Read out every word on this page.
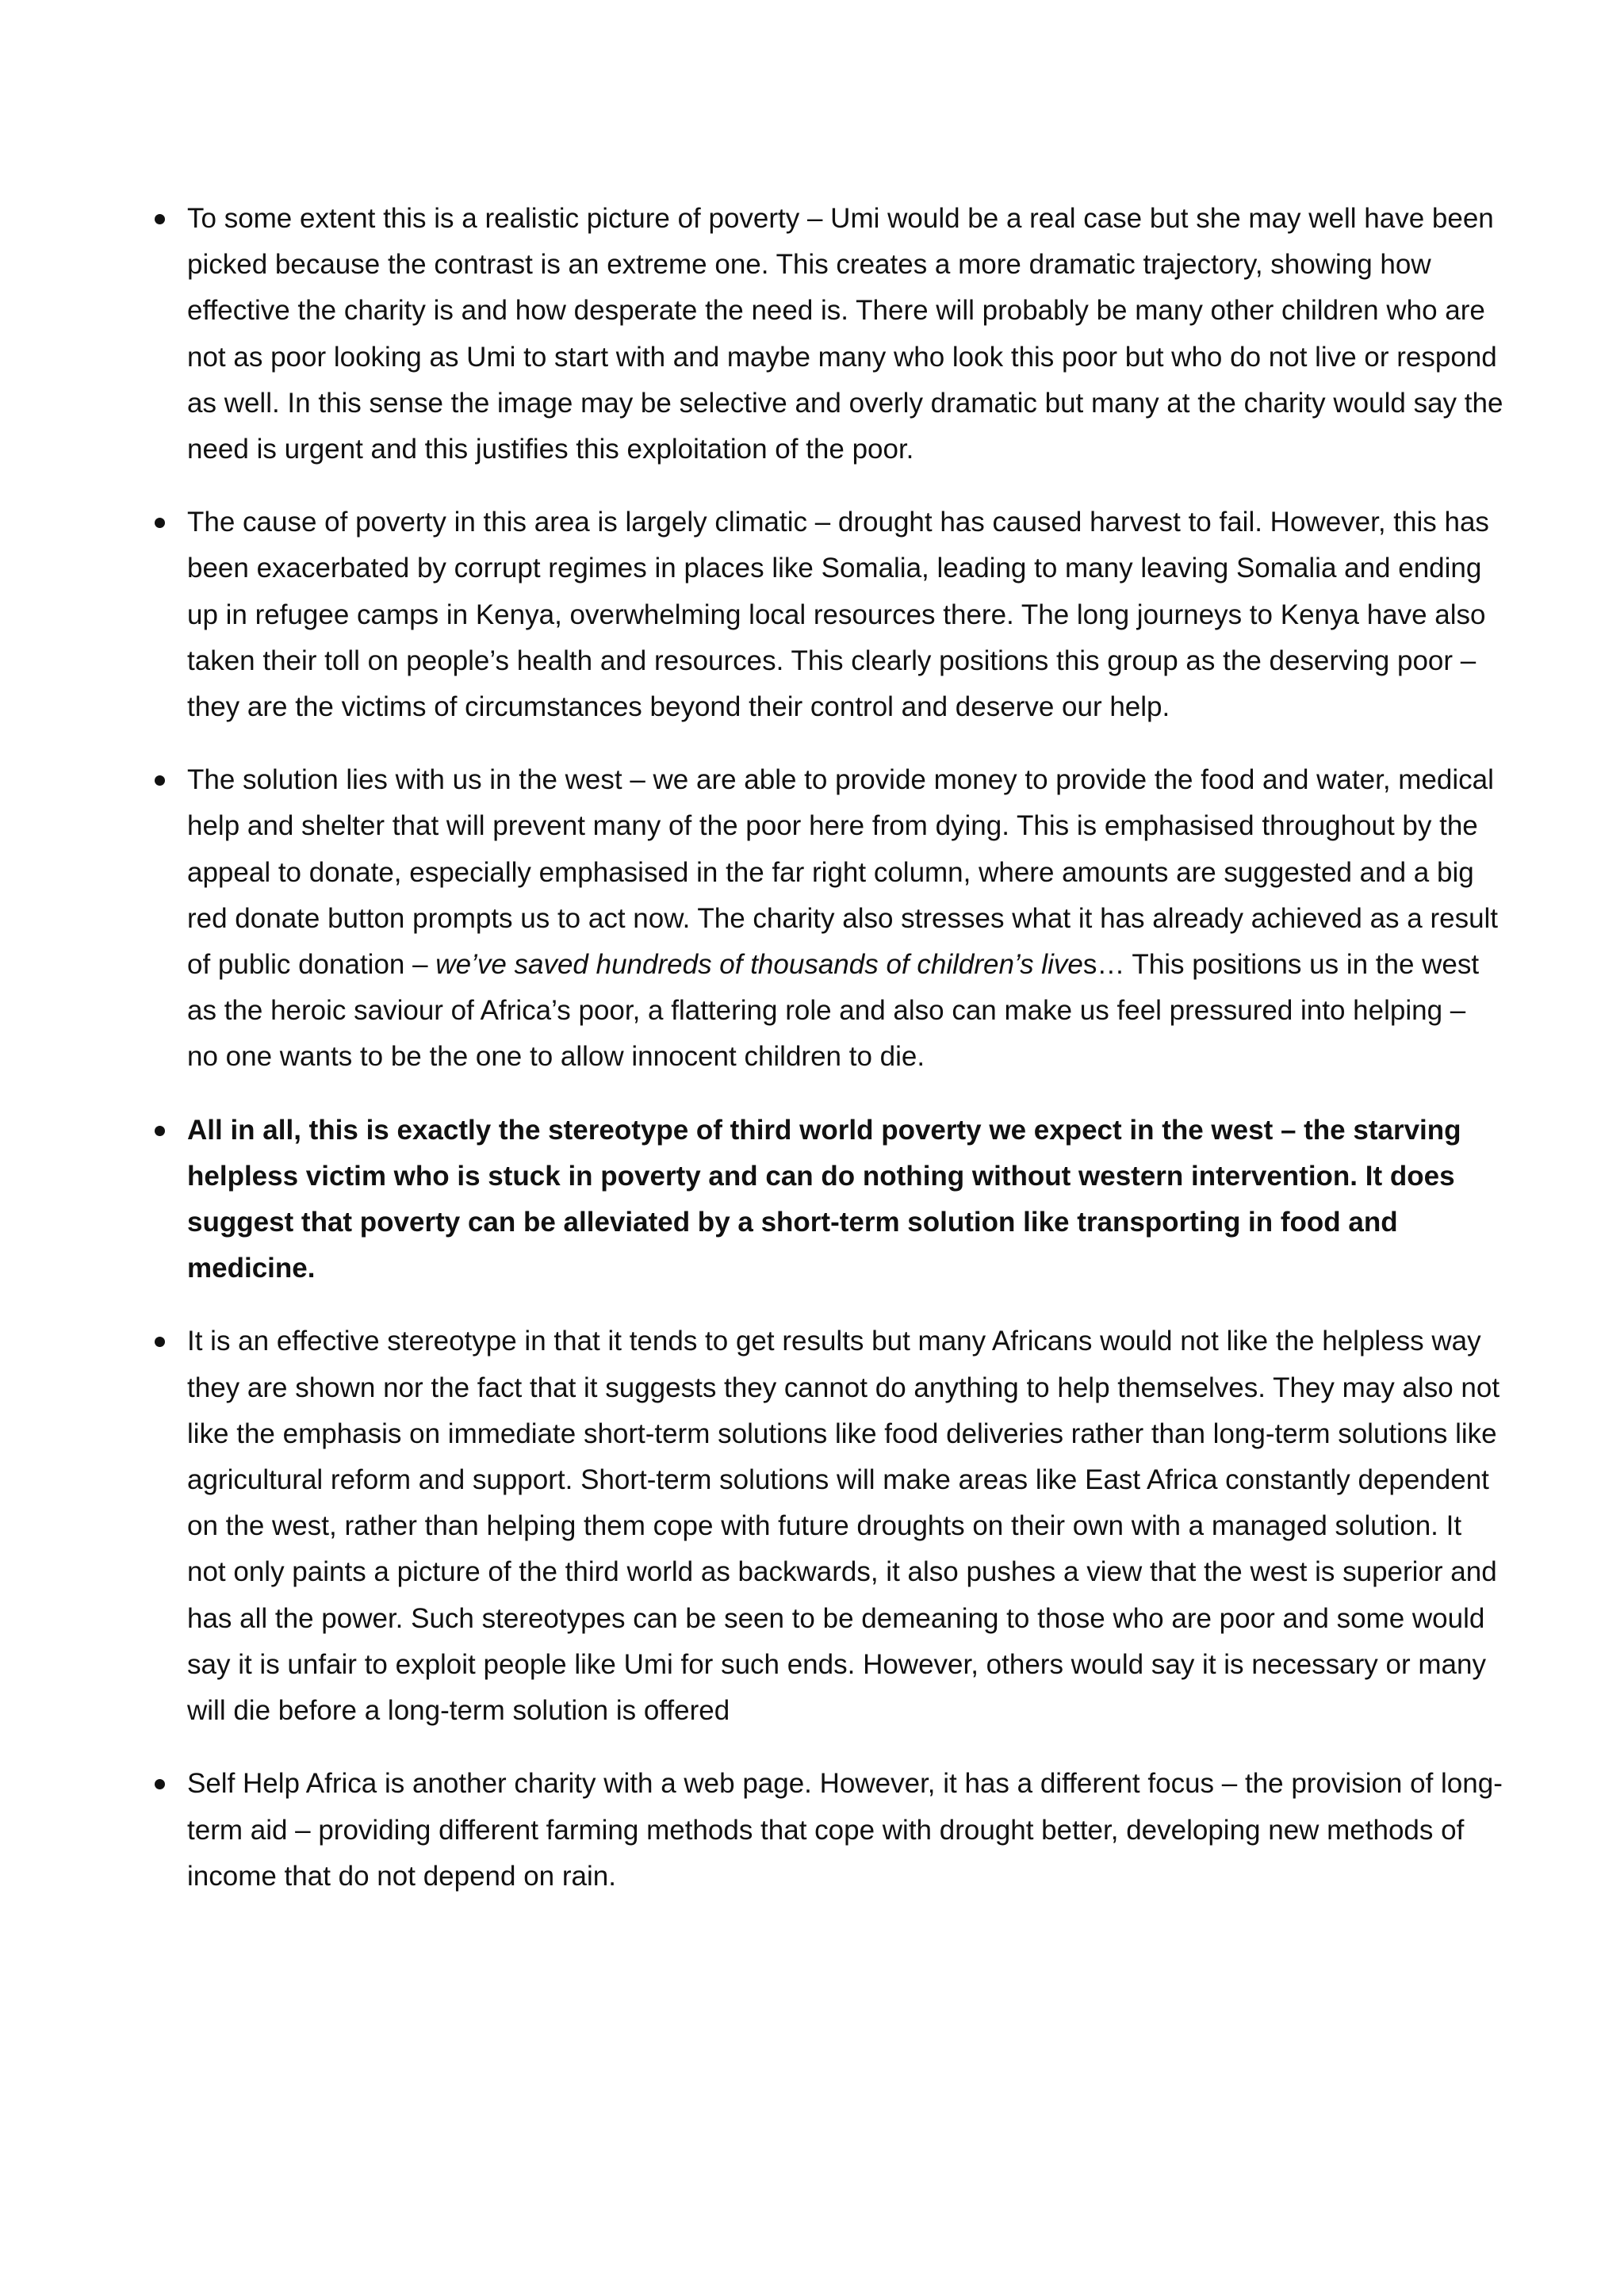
To some extent this is a realistic picture of poverty – Umi would be a real case but she may well have been picked because the contrast is an extreme one. This creates a more dramatic trajectory, showing how effective the charity is and how desperate the need is. There will probably be many other children who are not as poor looking as Umi to start with and maybe many who look this poor but who do not live or respond as well. In this sense the image may be selective and overly dramatic but many at the charity would say the need is urgent and this justifies this exploitation of the poor.

The cause of poverty in this area is largely climatic – drought has caused harvest to fail. However, this has been exacerbated by corrupt regimes in places like Somalia, leading to many leaving Somalia and ending up in refugee camps in Kenya, overwhelming local resources there. The long journeys to Kenya have also taken their toll on people’s health and resources. This clearly positions this group as the deserving poor – they are the victims of circumstances beyond their control and deserve our help.

The solution lies with us in the west – we are able to provide money to provide the food and water, medical help and shelter that will prevent many of the poor here from dying. This is emphasised throughout by the appeal to donate, especially emphasised in the far right column, where amounts are suggested and a big red donate button prompts us to act now. The charity also stresses what it has already achieved as a result of public donation – we’ve saved hundreds of thousands of children’s lives… This positions us in the west as the heroic saviour of Africa’s poor, a flattering role and also can make us feel pressured into helping – no one wants to be the one to allow innocent children to die.

All in all, this is exactly the stereotype of third world poverty we expect in the west – the starving helpless victim who is stuck in poverty and can do nothing without western intervention. It does suggest that poverty can be alleviated by a short-term solution like transporting in food and medicine.

It is an effective stereotype in that it tends to get results but many Africans would not like the helpless way they are shown nor the fact that it suggests they cannot do anything to help themselves. They may also not like the emphasis on immediate short-term solutions like food deliveries rather than long-term solutions like agricultural reform and support. Short-term solutions will make areas like East Africa constantly dependent on the west, rather than helping them cope with future droughts on their own with a managed solution. It not only paints a picture of the third world as backwards, it also pushes a view that the west is superior and has all the power. Such stereotypes can be seen to be demeaning to those who are poor and some would say it is unfair to exploit people like Umi for such ends. However, others would say it is necessary or many will die before a long-term solution is offered

Self Help Africa is another charity with a web page. However, it has a different focus – the provision of long-term aid – providing different farming methods that cope with drought better, developing new methods of income that do not depend on rain.
